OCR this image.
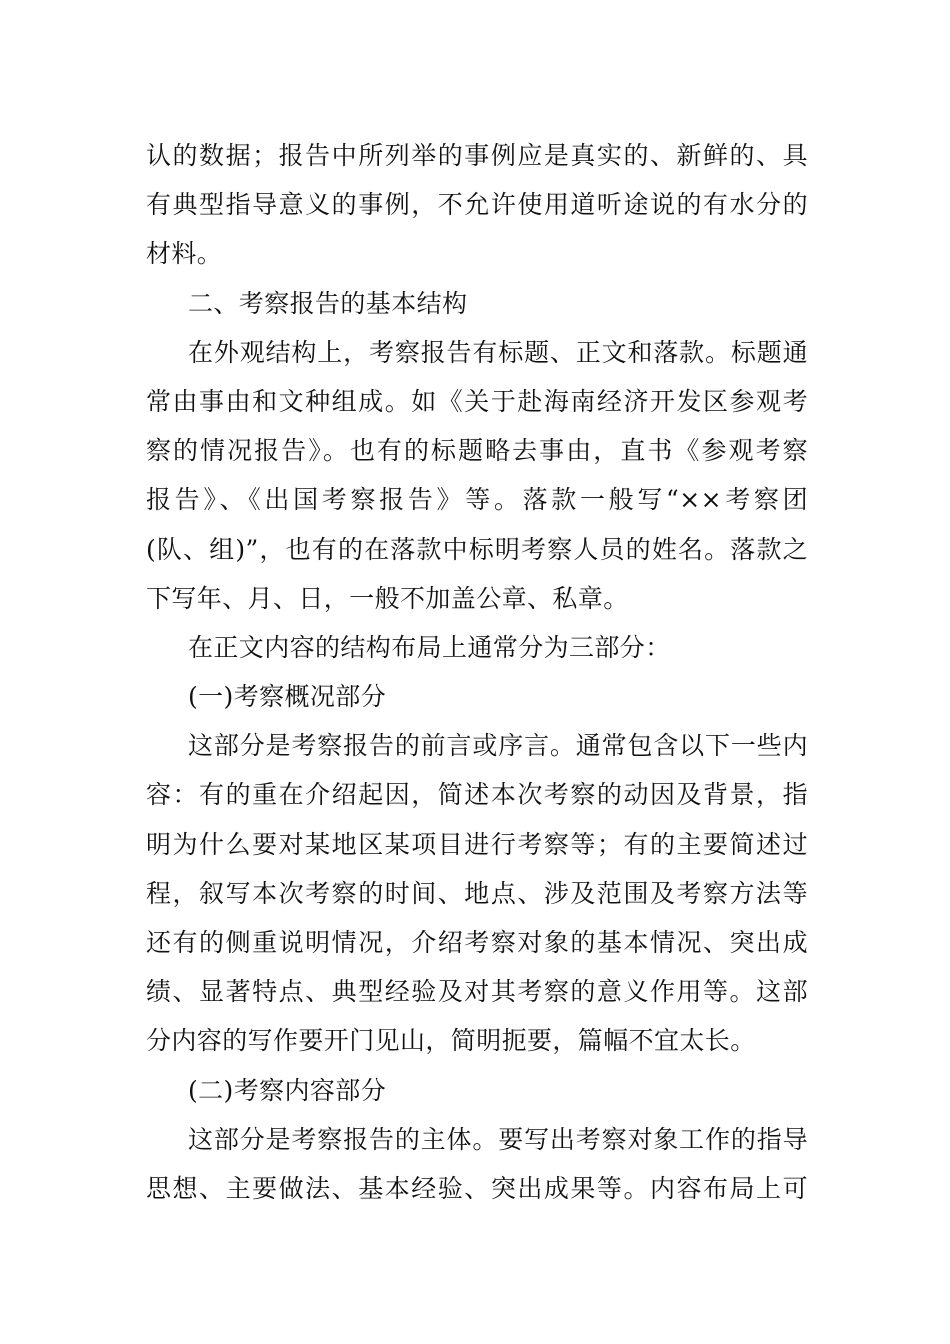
认的数据；报告中所列举的事例应是真实的、新鲜的、具
有典型指导意义的事例，不允许使用道听途说的有水分的
材料。
二、考察报告的基本结构
在外观结构上，考察报告有标题、正文和落款。标题通
常由事由和文种组成。如《关于赴海南经济开发区参观考
察的情况报告》。也有的标题略去事由，直书《参观考察
报告》、《出国考察报告》等。落款一般写“××考察团
(队、组)”，也有的在落款中标明考察人员的姓名。落款之
下写年、月、日，一般不加盖公章、私章。
在正文内容的结构布局上通常分为三部分：
(一)考察概况部分
这部分是考察报告的前言或序言。通常包含以下一些内
容：有的重在介绍起因，简述本次考察的动因及背景，指
明为什么要对某地区某项目进行考察等；有的主要简述过
程，叙写本次考察的时间、地点、涉及范围及考察方法等
还有的侧重说明情况，介绍考察对象的基本情况、突出成
绩、显著特点、典型经验及对其考察的意义作用等。这部
分内容的写作要开门见山，简明扼要，篇幅不宜太长。
(二)考察内容部分
这部分是考察报告的主体。要写出考察对象工作的指导
思想、主要做法、基本经验、突出成果等。内容布局上可
